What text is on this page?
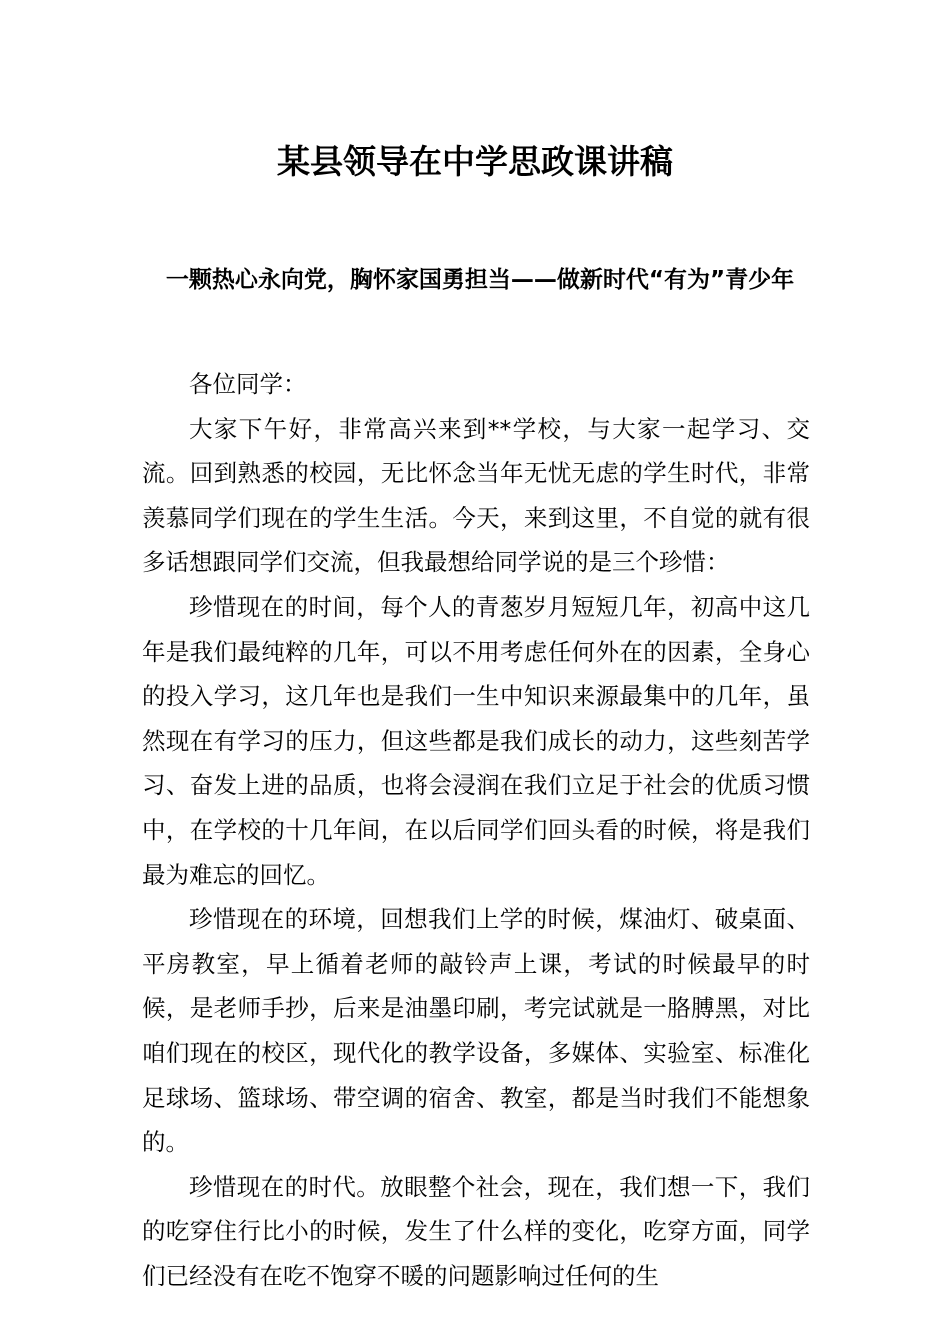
某县领导在中学思政课讲稿
一颗热心永向党，胸怀家国勇担当——做新时代“有为”青少年

各位同学：

大家下午好，非常高兴来到**学校，与大家一起学习、交流。回到熟悉的校园，无比怀念当年无忧无虑的学生时代，非常羡慕同学们现在的学生生活。今天，来到这里，不自觉的就有很多话想跟同学们交流，但我最想给同学说的是三个珍惜：

珍惜现在的时间，每个人的青葱岁月短短几年，初高中这几年是我们最纯粹的几年，可以不用考虑任何外在的因素，全身心的投入学习，这几年也是我们一生中知识来源最集中的几年，虽然现在有学习的压力，但这些都是我们成长的动力，这些刻苦学习、奋发上进的品质，也将会浸润在我们立足于社会的优质习惯中，在学校的十几年间，在以后同学们回头看的时候，将是我们最为难忘的回忆。

珍惜现在的环境，回想我们上学的时候，煤油灯、破桌面、平房教室，早上循着老师的敲铃声上课，考试的时候最早的时候，是老师手抄，后来是油墨印刷，考完试就是一胳膊黑，对比咱们现在的校区，现代化的教学设备，多媒体、实验室、标准化足球场、篮球场、带空调的宿舍、教室，都是当时我们不能想象的。

珍惜现在的时代。放眼整个社会，现在，我们想一下，我们的吃穿住行比小的时候，发生了什么样的变化，吃穿方面，同学们已经没有在吃不饱穿不暖的问题影响过任何的生
